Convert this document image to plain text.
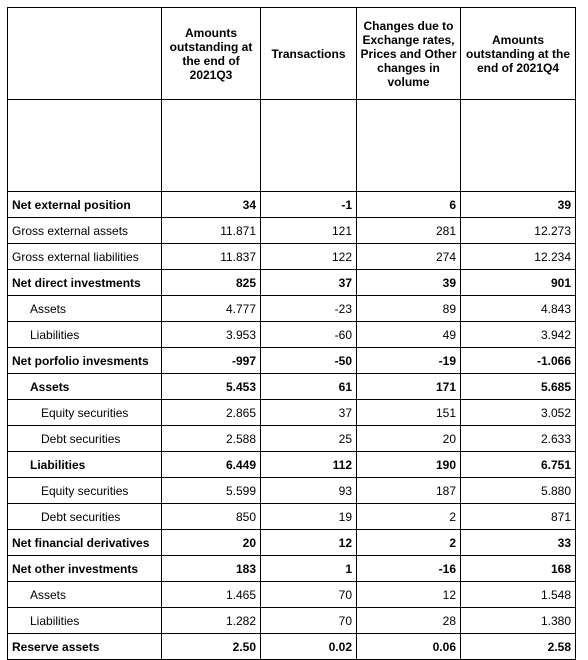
	Amounts outstanding at the end of 2021Q3	Transactions	Changes due to Exchange rates, Prices and Other changes in volume	Amounts outstanding at the end of 2021Q4

Net external position	34	-1	6	39
Gross external assets	11.871	121	281	12.273
Gross external liabilities	11.837	122	274	12.234
Net direct investments	825	37	39	901
Assets	4.777	-23	89	4.843
Liabilities	3.953	-60	49	3.942
Net porfolio invesments	-997	-50	-19	-1.066
Assets	5.453	61	171	5.685
Equity securities	2.865	37	151	3.052
Debt securities	2.588	25	20	2.633
Liabilities	6.449	112	190	6.751
Equity securities	5.599	93	187	5.880
Debt securities	850	19	2	871
Net financial derivatives	20	12	2	33
Net other investments	183	1	-16	168
Assets	1.465	70	12	1.548
Liabilities	1.282	70	28	1.380
Reserve assets	2.50	0.02	0.06	2.58
